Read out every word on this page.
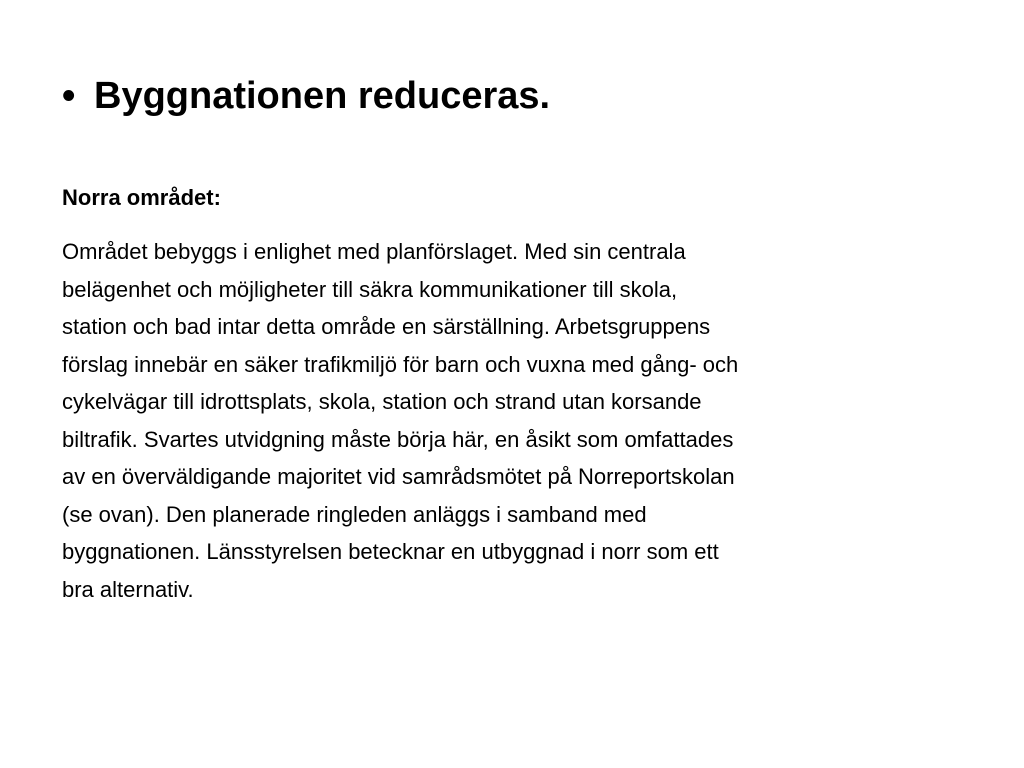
• Byggnationen reduceras.
Norra området:
Området bebyggs i enlighet med planförslaget. Med sin centrala
belägenhet och möjligheter till säkra kommunikationer till skola,
station och bad intar detta område en särställning. Arbetsgruppens
förslag innebär en säker trafikmiljö för barn och vuxna med gång- och
cykelvägar till idrottsplats, skola, station och strand utan korsande
biltrafik. Svartes utvidgning måste börja här, en åsikt som omfattades
av en överväldigande majoritet vid samrådsmötet på Norreportskolan
(se ovan). Den planerade ringleden anläggs i samband med
byggnationen. Länsstyrelsen betecknar en utbyggnad i norr som ett
bra alternativ.
